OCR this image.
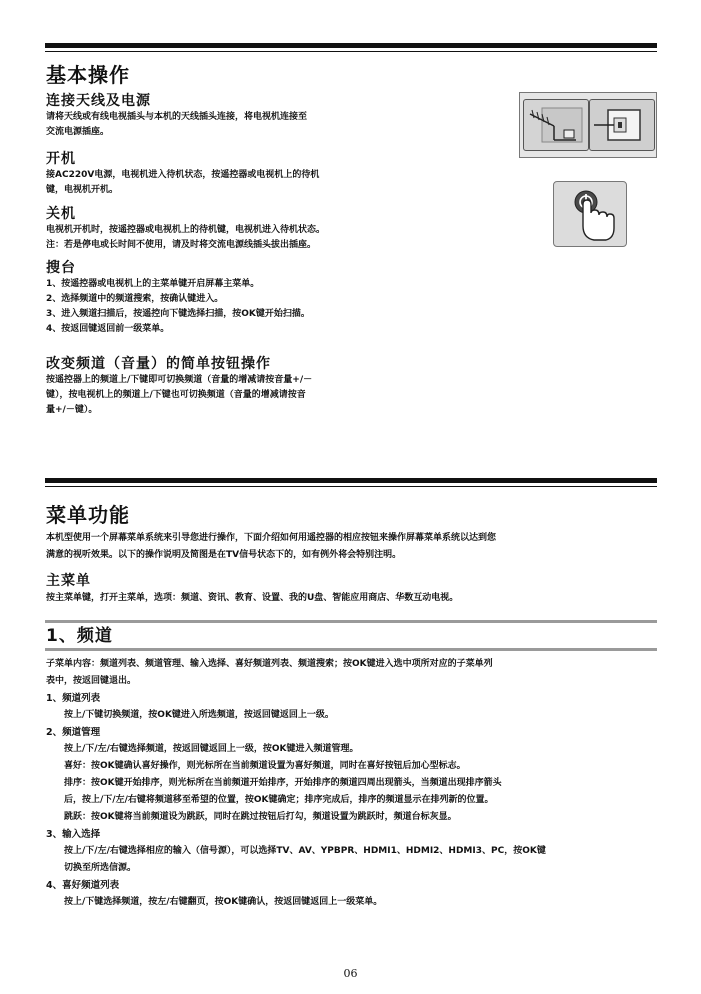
基本操作
连接天线及电源

请将天线或有线电视插头与本机的天线插头连接，将电视机连接至

交流电源插座。

开机

接AC220V电源，电视机进入待机状态，按遥控器或电视机上的待机

键，电视机开机。

关机

电视机开机时，按遥控器或电视机上的待机键，电视机进入待机状态。

注：若是停电或长时间不使用，请及时将交流电源线插头拔出插座。

搜台

1、按遥控器或电视机上的主菜单键开启屏幕主菜单。

2、选择频道中的频道搜索，按确认键进入。

3、进入频道扫描后，按遥控向下键选择扫描，按OK键开始扫描。

4、按返回键返回前一级菜单。

改变频道（音量）的简单按钮操作

按遥控器上的频道上/下键即可切换频道（音量的增减请按音量+/－

键），按电视机上的频道上/下键也可切换频道（音量的增减请按音

量+/－键）。

菜单功能

本机型使用一个屏幕菜单系统来引导您进行操作，下面介绍如何用遥控器的相应按钮来操作屏幕菜单系统以达到您

满意的视听效果。以下的操作说明及简图是在TV信号状态下的，如有例外将会特别注明。

主菜单

按主菜单键，打开主菜单，选项：频道、资讯、教育、设置、我的U盘、智能应用商店、华数互动电视。

1、频道

子菜单内容：频道列表、频道管理、输入选择、喜好频道列表、频道搜索；按OK键进入选中项所对应的子菜单列

表中，按返回键退出。

1、频道列表

按上/下键切换频道，按OK键进入所选频道，按返回键返回上一级。

2、频道管理

按上/下/左/右键选择频道，按返回键返回上一级，按OK键进入频道管理。

喜好：按OK键确认喜好操作，则光标所在当前频道设置为喜好频道，同时在喜好按钮后加心型标志。

排序：按OK键开始排序，则光标所在当前频道开始排序，开始排序的频道四周出现箭头，当频道出现排序箭头

后，按上/下/左/右键将频道移至希望的位置，按OK键确定；排序完成后，排序的频道显示在排列新的位置。

跳跃：按OK键将当前频道设为跳跃，同时在跳过按钮后打勾，频道设置为跳跃时，频道台标灰显。

3、输入选择

按上/下/左/右键选择相应的输入（信号源），可以选择TV、AV、YPBPR、HDMI1、HDMI2、HDMI3、PC，按OK键

切换至所选信源。

4、喜好频道列表

按上/下键选择频道，按左/右键翻页，按OK键确认，按返回键返回上一级菜单。

06
